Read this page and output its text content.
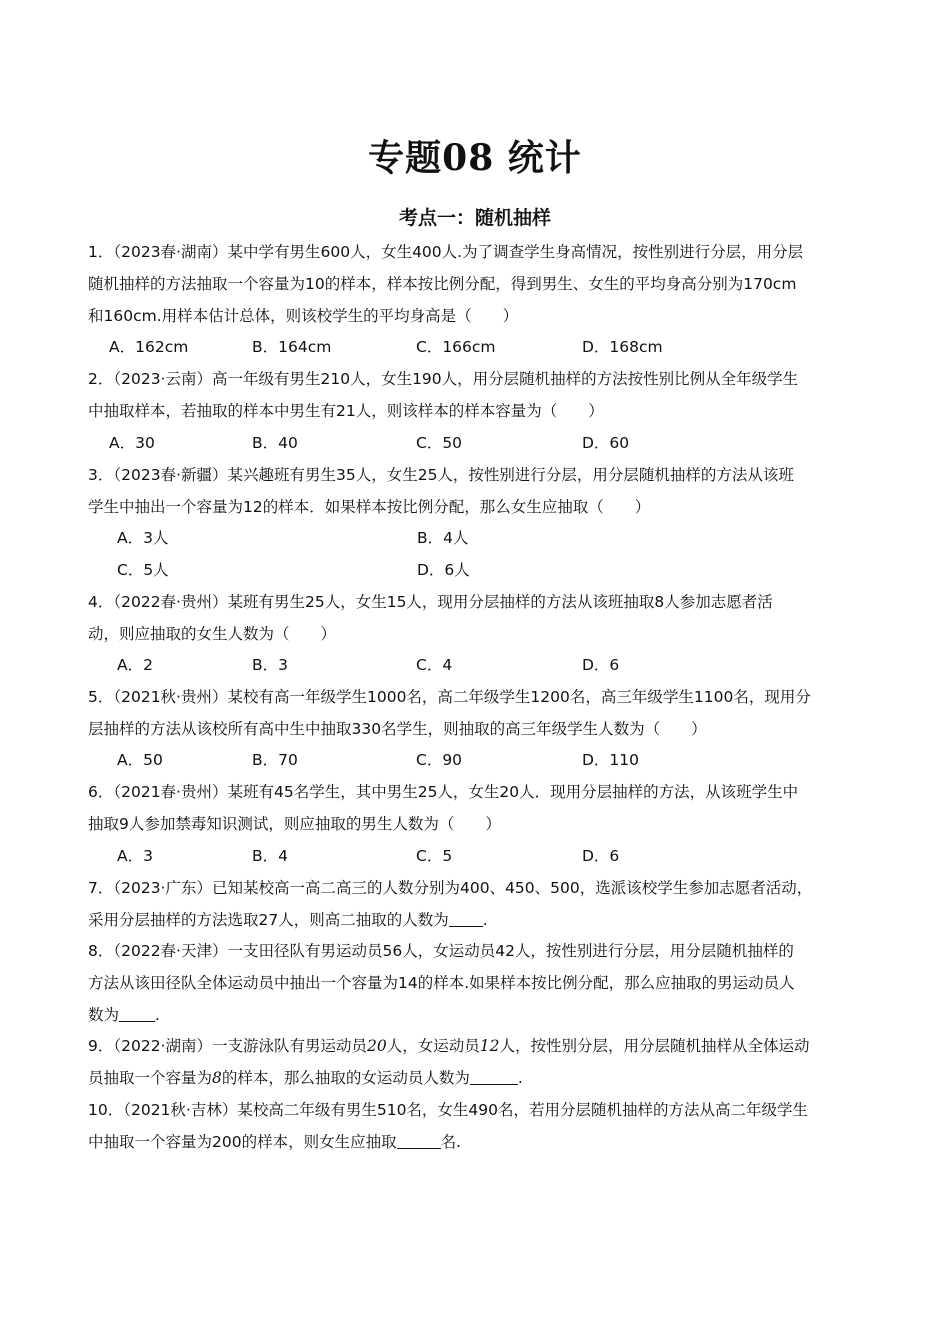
专题08 统计
考点一：随机抽样
1．（2023春·湖南）某中学有男生600人，女生400人.为了调查学生身高情况，按性别进行分层，用分层
随机抽样的方法抽取一个容量为10的样本，样本按比例分配，得到男生、女生的平均身高分别为170cm
和160cm.用样本估计总体，则该校学生的平均身高是（　　）
A．162cm	B．164cm	C．166cm	D．168cm
2．（2023·云南）高一年级有男生210人，女生190人，用分层随机抽样的方法按性别比例从全年级学生
中抽取样本，若抽取的样本中男生有21人，则该样本的样本容量为（　　）
A．30	B．40	C．50	D．60
3．（2023春·新疆）某兴趣班有男生35人，女生25人，按性别进行分层，用分层随机抽样的方法从该班
学生中抽出一个容量为12的样本．如果样本按比例分配，那么女生应抽取（　　）
A．3人	B．4人
C．5人	D．6人
4．（2022春·贵州）某班有男生25人，女生15人，现用分层抽样的方法从该班抽取8人参加志愿者活
动，则应抽取的女生人数为（　　）
A．2	B．3	C．4	D．6
5．（2021秋·贵州）某校有高一年级学生1000名，高二年级学生1200名，高三年级学生1100名，现用分
层抽样的方法从该校所有高中生中抽取330名学生，则抽取的高三年级学生人数为（　　）
A．50	B．70	C．90	D．110
6．（2021春·贵州）某班有45名学生，其中男生25人，女生20人．现用分层抽样的方法，从该班学生中
抽取9人参加禁毒知识测试，则应抽取的男生人数为（　　）
A．3	B．4	C．5	D．6
7．（2023·广东）已知某校高一高二高三的人数分别为400、450、500，选派该校学生参加志愿者活动，
采用分层抽样的方法选取27人，则高二抽取的人数为 .
8．（2022春·天津）一支田径队有男运动员56人，女运动员42人，按性别进行分层，用分层随机抽样的
方法从该田径队全体运动员中抽出一个容量为14的样本.如果样本按比例分配，那么应抽取的男运动员人
数为 .
9．（2022·湖南）一支游泳队有男运动员20人，女运动员12人，按性别分层，用分层随机抽样从全体运动
员抽取一个容量为8的样本，那么抽取的女运动员人数为	.
10．（2021秋·吉林）某校高二年级有男生510名，女生490名，若用分层随机抽样的方法从高二年级学生
中抽取一个容量为200的样本，则女生应抽取	名.
